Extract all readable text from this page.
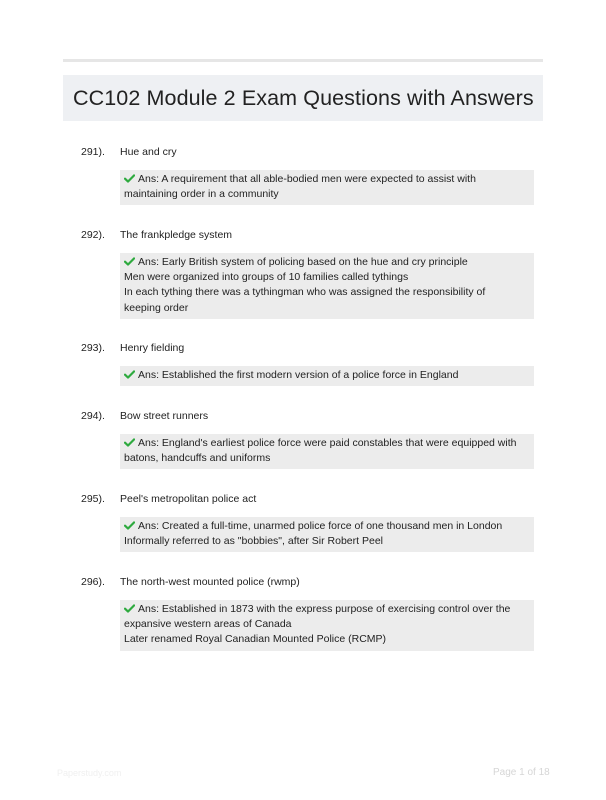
CC102 Module 2 Exam Questions with Answers
291). Hue and cry
Ans: A requirement that all able-bodied men were expected to assist with
maintaining order in a community
292). The frankpledge system
Ans: Early British system of policing based on the hue and cry principle
Men were organized into groups of 10 families called tythings
In each tything there was a tythingman who was assigned the responsibility of
keeping order
293). Henry fielding
Ans: Established the first modern version of a police force in England
294). Bow street runners
Ans: England's earliest police force were paid constables that were equipped with
batons, handcuffs and uniforms
295). Peel's metropolitan police act
Ans: Created a full-time, unarmed police force of one thousand men in London
Informally referred to as "bobbies", after Sir Robert Peel
296). The north-west mounted police (rwmp)
Ans: Established in 1873 with the express purpose of exercising control over the
expansive western areas of Canada
Later renamed Royal Canadian Mounted Police (RCMP)
Paperstudy.com	Page 1 of 18
